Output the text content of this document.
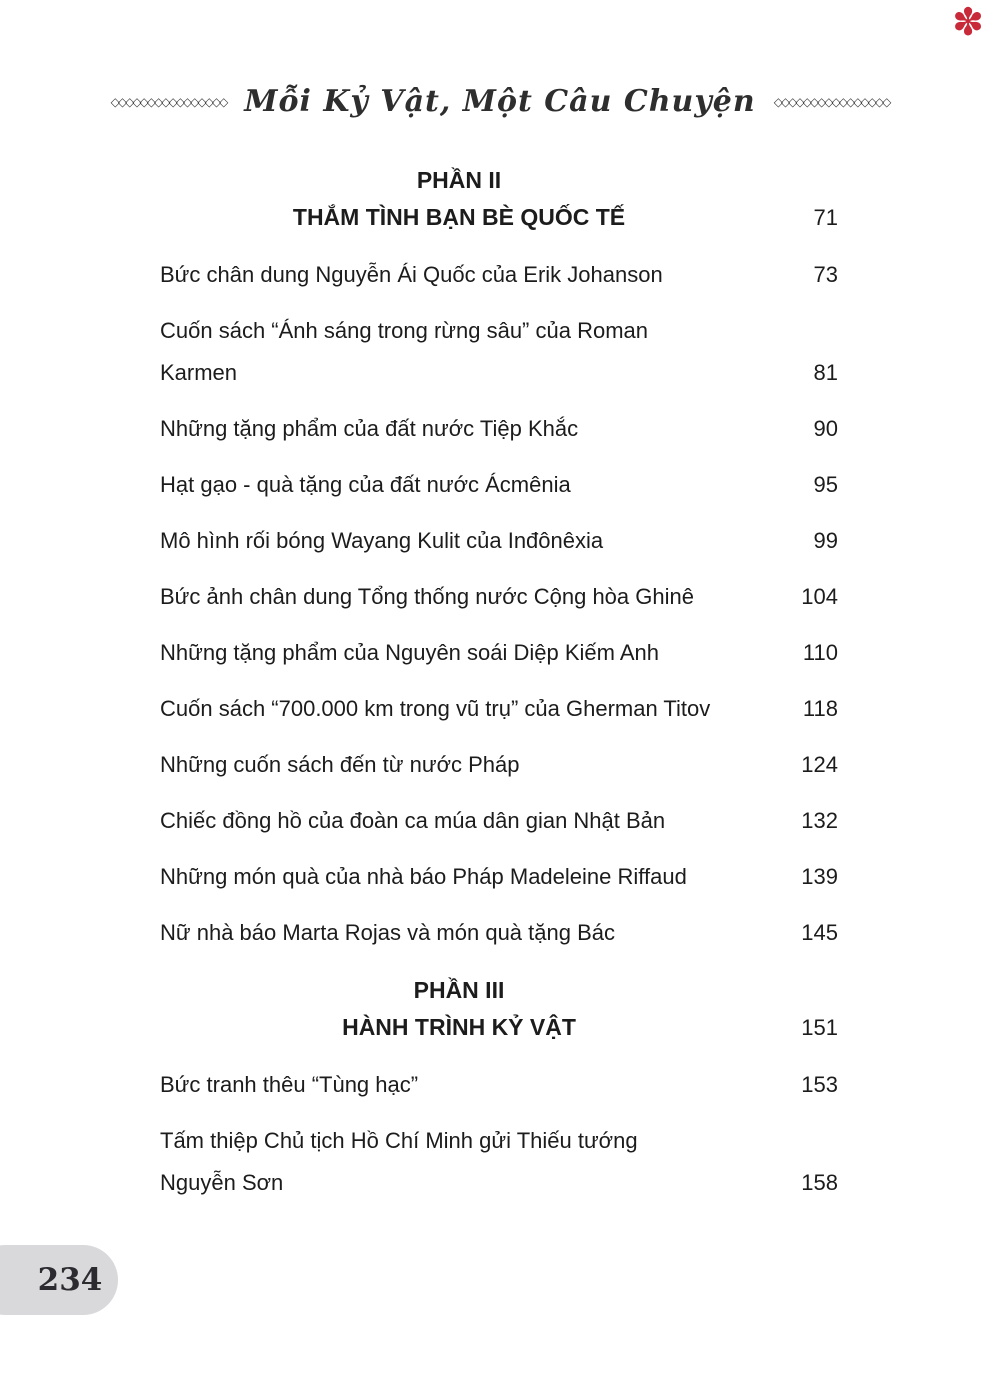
✽
◇◇◇◇◇◇◇◇◇◇◇◇◇◇◇◇ Mỗi Kỷ Vật, Một Câu Chuyện ◇◇◇◇◇◇◇◇◇◇◇◇◇◇◇◇
PHẦN II
THẮM TÌNH BẠN BÈ QUỐC TẾ	71
Bức chân dung Nguyễn Ái Quốc của Erik Johanson	73
Cuốn sách “Ánh sáng trong rừng sâu” của Roman
Karmen	81
Những tặng phẩm của đất nước Tiệp Khắc	90
Hạt gạo - quà tặng của đất nước Ácmênia	95
Mô hình rối bóng Wayang Kulit của Inđônêxia	99
Bức ảnh chân dung Tổng thống nước Cộng hòa Ghinê	104
Những tặng phẩm của Nguyên soái Diệp Kiếm Anh	110
Cuốn sách “700.000 km trong vũ trụ” của Gherman Titov	118
Những cuốn sách đến từ nước Pháp	124
Chiếc đồng hồ của đoàn ca múa dân gian Nhật Bản	132
Những món quà của nhà báo Pháp Madeleine Riffaud	139
Nữ nhà báo Marta Rojas và món quà tặng Bác	145
PHẦN III
HÀNH TRÌNH KỶ VẬT	151
Bức tranh thêu “Tùng hạc”	153
Tấm thiệp Chủ tịch Hồ Chí Minh gửi Thiếu tướng
Nguyễn Sơn	158
234
